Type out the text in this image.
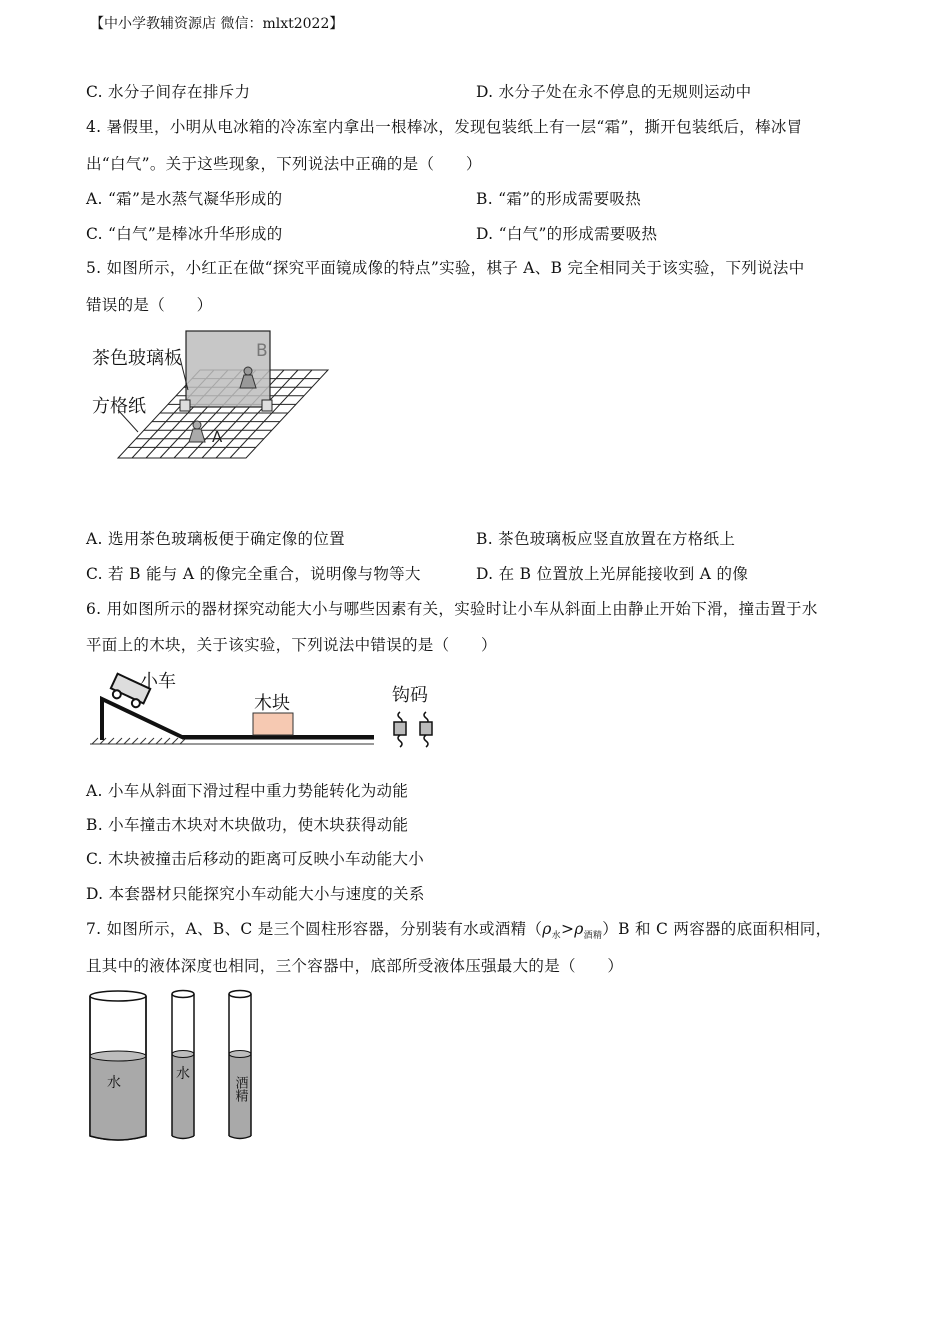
【中小学教辅资源店 微信：mlxt2022】
C. 水分子间存在排斥力	D. 水分子处在永不停息的无规则运动中
4. 暑假里，小明从电冰箱的冷冻室内拿出一根棒冰，发现包装纸上有一层“霜”，撕开包装纸后，棒冰冒
出“白气”。关于这些现象，下列说法中正确的是（　　）
A. “霜”是水蒸气凝华形成的	B. “霜”的形成需要吸热
C. “白气”是棒冰升华形成的	D. “白气”的形成需要吸热
5. 如图所示，小红正在做“探究平面镜成像的特点”实验，棋子 A、B 完全相同关于该实验，下列说法中
错误的是（　　）
B
A
茶色玻璃板
方格纸
A. 选用茶色玻璃板便于确定像的位置	B. 茶色玻璃板应竖直放置在方格纸上
C. 若 B 能与 A 的像完全重合，说明像与物等大	D. 在 B 位置放上光屏能接收到 A 的像
6. 用如图所示的器材探究动能大小与哪些因素有关，实验时让小车从斜面上由静止开始下滑，撞击置于水
平面上的木块，关于该实验，下列说法中错误的是（　　）
小车
木块	钩码
A. 小车从斜面下滑过程中重力势能转化为动能
B. 小车撞击木块对木块做功，使木块获得动能
C. 木块被撞击后移动的距离可反映小车动能大小
D. 本套器材只能探究小车动能大小与速度的关系
7. 如图所示，A、B、C 是三个圆柱形容器，分别装有水或酒精$(\rho_水>\rho_{酒精})B$ 和 C 两容器的底面积相同，
且其中的液体深度也相同，三个容器中，底部所受液体压强最大的是（　　）
水
水
酒精
